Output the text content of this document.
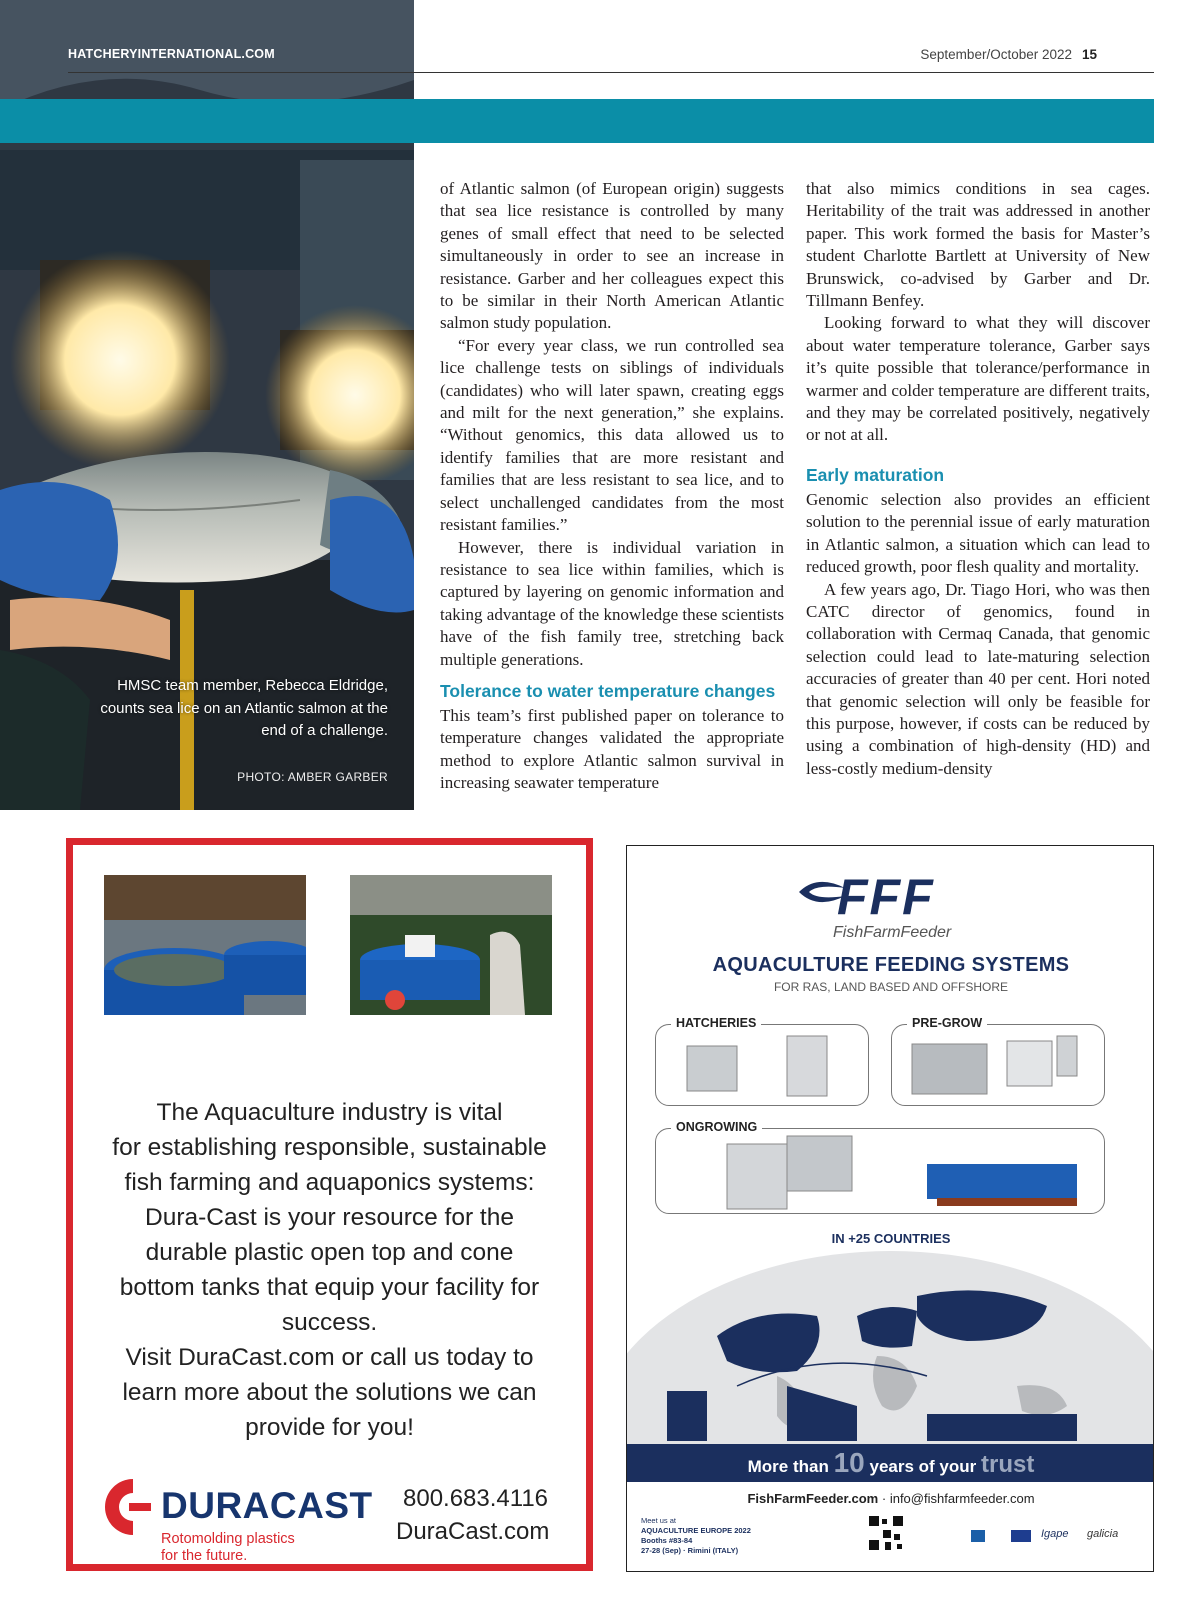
HMSC team member, Rebecca Eldridge, counts sea lice on an Atlantic salmon at the end of a challenge.
PHOTO: AMBER GARBER
HATCHERYINTERNATIONAL.COM	September/October 2022 15

of Atlantic salmon (of European origin) suggests that sea lice resistance is controlled by many genes of small effect that need to be selected simultaneously in order to see an increase in resistance. Garber and her colleagues expect this to be similar in their North American Atlantic salmon study population.

“For every year class, we run controlled sea lice challenge tests on siblings of individuals (candidates) who will later spawn, creating eggs and milt for the next generation,” she explains. “Without genomics, this data allowed us to identify families that are more resistant and families that are less resistant to sea lice, and to select unchallenged candidates from the most resistant families.”

However, there is individual variation in resistance to sea lice within families, which is captured by layering on genomic information and taking advantage of the knowledge these scientists have of the fish family tree, stretching back multiple generations.

Tolerance to water temperature changes

This team’s first published paper on tolerance to temperature changes validated the appropriate method to explore Atlantic salmon survival in increasing seawater temperature

that also mimics conditions in sea cages. Heritability of the trait was addressed in another paper. This work formed the basis for Master’s student Charlotte Bartlett at University of New Brunswick, co-advised by Garber and Dr. Tillmann Benfey.

Looking forward to what they will discover about water temperature tolerance, Garber says it’s quite possible that tolerance/performance in warmer and colder temperature are different traits, and they may be correlated positively, negatively or not at all.

Early maturation

Genomic selection also provides an efficient solution to the perennial issue of early maturation in Atlantic salmon, a situation which can lead to reduced growth, poor flesh quality and mortality.

A few years ago, Dr. Tiago Hori, who was then CATC director of genomics, found in collaboration with Cermaq Canada, that genomic selection could lead to late-maturing selection accuracies of greater than 40 per cent. Hori noted that genomic selection will only be feasible for this purpose, however, if costs can be reduced by using a combination of high-density (HD) and less-costly medium-density

The Aquaculture industry is vital
for establishing responsible, sustainable
fish farming and aquaponics systems:
Dura-Cast is your resource for the
durable plastic open top and cone
bottom tanks that equip your facility for
success.
Visit DuraCast.com or call us today to
learn more about the solutions we can
provide for you!
DURACAST
Rotomolding plastics
for the future.
800.683.4116
DuraCast.com
FFF
FishFarmFeeder
AQUACULTURE FEEDING SYSTEMS
FOR RAS, LAND BASED AND OFFSHORE
HATCHERIES	PRE-GROW
ONGROWING
IN +25 COUNTRIES
More than 10 years of your trust
FishFarmFeeder.com · info@fishfarmfeeder.com
Meet us at
AQUACULTURE EUROPE 2022
Booths #83-84
27-28 (Sep) · Rimini (ITALY)
Igape galicia
